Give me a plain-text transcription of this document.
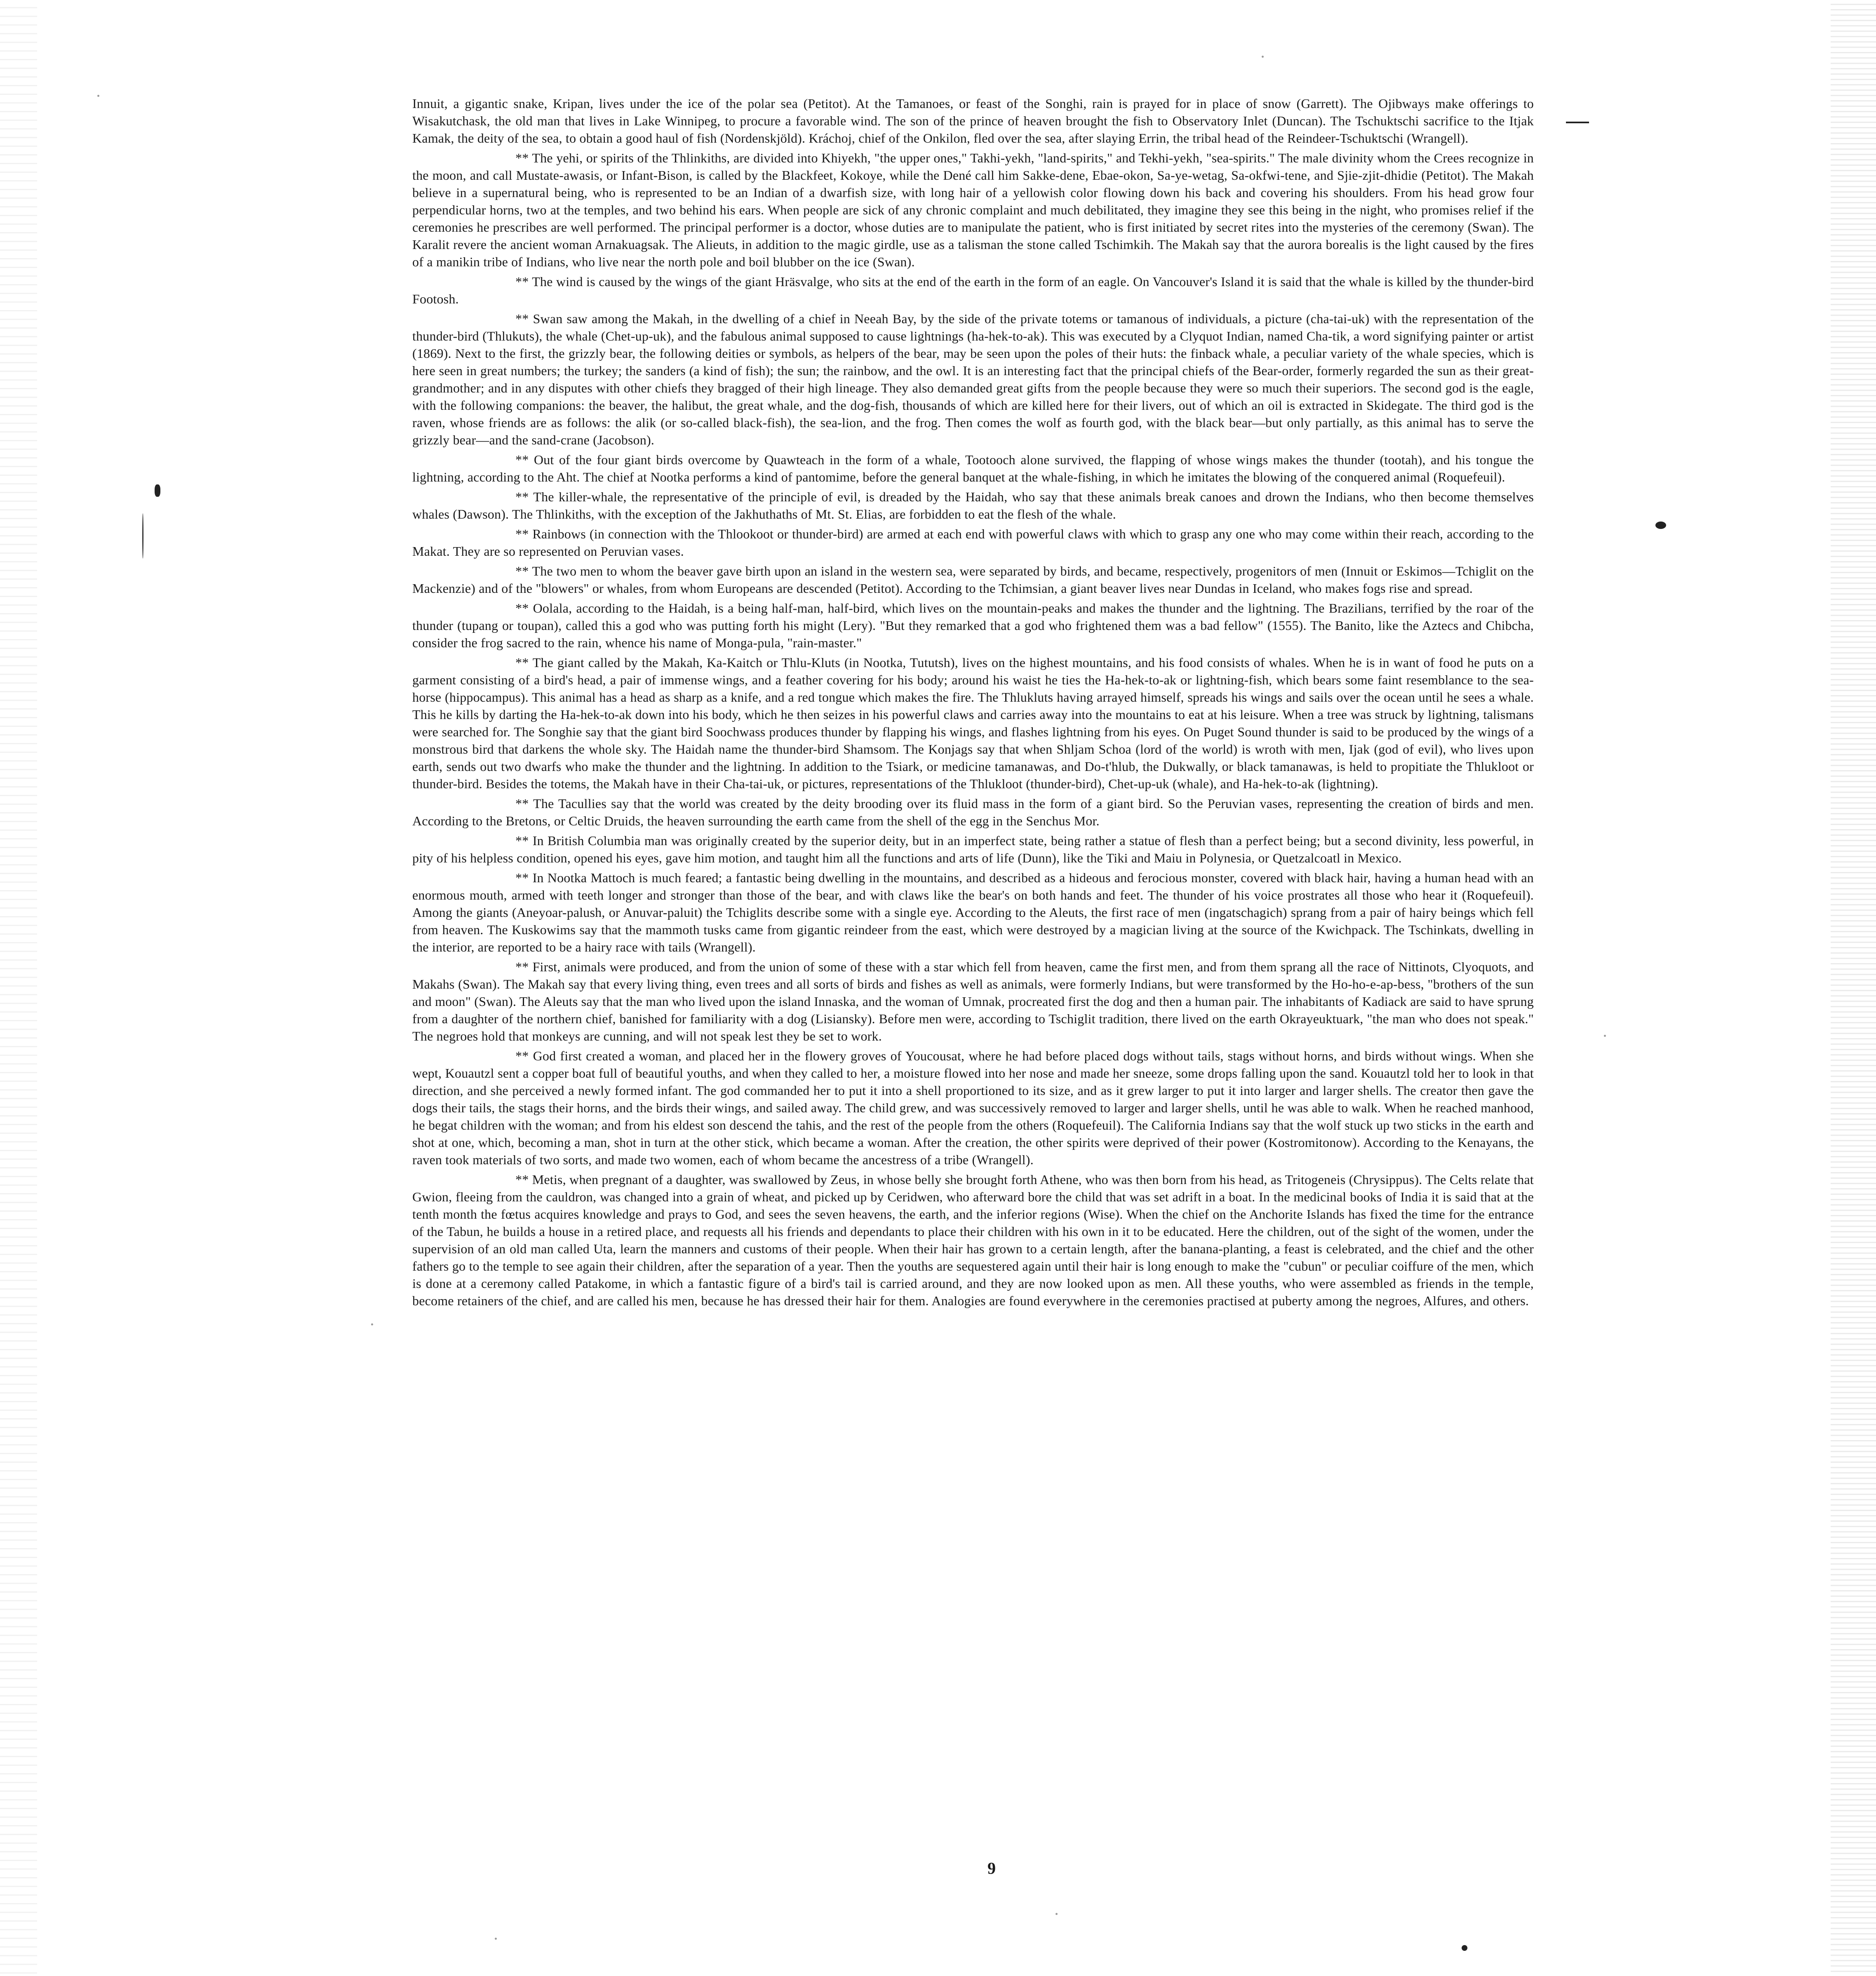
Innuit, a gigantic snake, Kripan, lives under the ice of the polar sea (Petitot). At the Tamanoes, or feast of the Songhi, rain is prayed for in place of snow (Garrett). The Ojibways make offerings to Wisakutchask, the old man that lives in Lake Winnipeg, to procure a favorable wind. The son of the prince of heaven brought the fish to Observatory Inlet (Duncan). The Tschuktschi sacrifice to the Itjak Kamak, the deity of the sea, to obtain a good haul of fish (Nordenskjöld). Kráchoj, chief of the Onkilon, fled over the sea, after slaying Errin, the tribal head of the Reindeer-Tschuktschi (Wrangell).

** The yehi, or spirits of the Thlinkiths, are divided into Khiyekh, "the upper ones," Takhi-yekh, "land-spirits," and Tekhi-yekh, "sea-spirits." The male divinity whom the Crees recognize in the moon, and call Mustate-awasis, or Infant-Bison, is called by the Blackfeet, Kokoye, while the Dené call him Sakke-dene, Ebae-okon, Sa-ye-wetag, Sa-okfwi-tene, and Sjie-zjit-dhidie (Petitot). The Makah believe in a supernatural being, who is represented to be an Indian of a dwarfish size, with long hair of a yellowish color flowing down his back and covering his shoulders. From his head grow four perpendicular horns, two at the temples, and two behind his ears. When people are sick of any chronic complaint and much debilitated, they imagine they see this being in the night, who promises relief if the ceremonies he prescribes are well performed. The principal performer is a doctor, whose duties are to manipulate the patient, who is first initiated by secret rites into the mysteries of the ceremony (Swan). The Karalit revere the ancient woman Arnakuagsak. The Alieuts, in addition to the magic girdle, use as a talisman the stone called Tschimkih. The Makah say that the aurora borealis is the light caused by the fires of a manikin tribe of Indians, who live near the north pole and boil blubber on the ice (Swan).

** The wind is caused by the wings of the giant Hräsvalge, who sits at the end of the earth in the form of an eagle. On Vancouver's Island it is said that the whale is killed by the thunder-bird Footosh.

** Swan saw among the Makah, in the dwelling of a chief in Neeah Bay, by the side of the private totems or tamanous of individuals, a picture (cha-tai-uk) with the representation of the thunder-bird (Thlukuts), the whale (Chet-up-uk), and the fabulous animal supposed to cause lightnings (ha-hek-to-ak). This was executed by a Clyquot Indian, named Cha-tik, a word signifying painter or artist (1869). Next to the first, the grizzly bear, the following deities or symbols, as helpers of the bear, may be seen upon the poles of their huts: the finback whale, a peculiar variety of the whale species, which is here seen in great numbers; the turkey; the sanders (a kind of fish); the sun; the rainbow, and the owl. It is an interesting fact that the principal chiefs of the Bear-order, formerly regarded the sun as their great-grandmother; and in any disputes with other chiefs they bragged of their high lineage. They also demanded great gifts from the people because they were so much their superiors. The second god is the eagle, with the following companions: the beaver, the halibut, the great whale, and the dog-fish, thousands of which are killed here for their livers, out of which an oil is extracted in Skidegate. The third god is the raven, whose friends are as follows: the alik (or so-called black-fish), the sea-lion, and the frog. Then comes the wolf as fourth god, with the black bear—but only partially, as this animal has to serve the grizzly bear—and the sand-crane (Jacobson).

** Out of the four giant birds overcome by Quawteach in the form of a whale, Tootooch alone survived, the flapping of whose wings makes the thunder (tootah), and his tongue the lightning, according to the Aht. The chief at Nootka performs a kind of pantomime, before the general banquet at the whale-fishing, in which he imitates the blowing of the conquered animal (Roquefeuil).

** The killer-whale, the representative of the principle of evil, is dreaded by the Haidah, who say that these animals break canoes and drown the Indians, who then become themselves whales (Dawson). The Thlinkiths, with the exception of the Jakhuthaths of Mt. St. Elias, are forbidden to eat the flesh of the whale.

** Rainbows (in connection with the Thlookoot or thunder-bird) are armed at each end with powerful claws with which to grasp any one who may come within their reach, according to the Makat. They are so represented on Peruvian vases.

** The two men to whom the beaver gave birth upon an island in the western sea, were separated by birds, and became, respectively, progenitors of men (Innuit or Eskimos—Tchiglit on the Mackenzie) and of the "blowers" or whales, from whom Europeans are descended (Petitot). According to the Tchimsian, a giant beaver lives near Dundas in Iceland, who makes fogs rise and spread.

** Oolala, according to the Haidah, is a being half-man, half-bird, which lives on the mountain-peaks and makes the thunder and the lightning. The Brazilians, terrified by the roar of the thunder (tupang or toupan), called this a god who was putting forth his might (Lery). "But they remarked that a god who frightened them was a bad fellow" (1555). The Banito, like the Aztecs and Chibcha, consider the frog sacred to the rain, whence his name of Monga-pula, "rain-master."

** The giant called by the Makah, Ka-Kaitch or Thlu-Kluts (in Nootka, Tututsh), lives on the highest mountains, and his food consists of whales. When he is in want of food he puts on a garment consisting of a bird's head, a pair of immense wings, and a feather covering for his body; around his waist he ties the Ha-hek-to-ak or lightning-fish, which bears some faint resemblance to the sea-horse (hippocampus). This animal has a head as sharp as a knife, and a red tongue which makes the fire. The Thlukluts having arrayed himself, spreads his wings and sails over the ocean until he sees a whale. This he kills by darting the Ha-hek-to-ak down into his body, which he then seizes in his powerful claws and carries away into the mountains to eat at his leisure. When a tree was struck by lightning, talismans were searched for. The Songhie say that the giant bird Soochwass produces thunder by flapping his wings, and flashes lightning from his eyes. On Puget Sound thunder is said to be produced by the wings of a monstrous bird that darkens the whole sky. The Haidah name the thunder-bird Shamsom. The Konjags say that when Shljam Schoa (lord of the world) is wroth with men, Ijak (god of evil), who lives upon earth, sends out two dwarfs who make the thunder and the lightning. In addition to the Tsiark, or medicine tamanawas, and Do-t'hlub, the Dukwally, or black tamanawas, is held to propitiate the Thlukloot or thunder-bird. Besides the totems, the Makah have in their Cha-tai-uk, or pictures, representations of the Thlukloot (thunder-bird), Chet-up-uk (whale), and Ha-hek-to-ak (lightning).

** The Tacullies say that the world was created by the deity brooding over its fluid mass in the form of a giant bird. So the Peruvian vases, representing the creation of birds and men. According to the Bretons, or Celtic Druids, the heaven surrounding the earth came from the shell of the egg in the Senchus Mor.

** In British Columbia man was originally created by the superior deity, but in an imperfect state, being rather a statue of flesh than a perfect being; but a second divinity, less powerful, in pity of his helpless condition, opened his eyes, gave him motion, and taught him all the functions and arts of life (Dunn), like the Tiki and Maiu in Polynesia, or Quetzalcoatl in Mexico.

** In Nootka Mattoch is much feared; a fantastic being dwelling in the mountains, and described as a hideous and ferocious monster, covered with black hair, having a human head with an enormous mouth, armed with teeth longer and stronger than those of the bear, and with claws like the bear's on both hands and feet. The thunder of his voice prostrates all those who hear it (Roquefeuil). Among the giants (Aneyoar-palush, or Anuvar-paluit) the Tchiglits describe some with a single eye. According to the Aleuts, the first race of men (ingatschagich) sprang from a pair of hairy beings which fell from heaven. The Kuskowims say that the mammoth tusks came from gigantic reindeer from the east, which were destroyed by a magician living at the source of the Kwichpack. The Tschinkats, dwelling in the interior, are reported to be a hairy race with tails (Wrangell).

** First, animals were produced, and from the union of some of these with a star which fell from heaven, came the first men, and from them sprang all the race of Nittinots, Clyoquots, and Makahs (Swan). The Makah say that every living thing, even trees and all sorts of birds and fishes as well as animals, were formerly Indians, but were transformed by the Ho-ho-e-ap-bess, "brothers of the sun and moon" (Swan). The Aleuts say that the man who lived upon the island Innaska, and the woman of Umnak, procreated first the dog and then a human pair. The inhabitants of Kadiack are said to have sprung from a daughter of the northern chief, banished for familiarity with a dog (Lisiansky). Before men were, according to Tschiglit tradition, there lived on the earth Okrayeuktuark, "the man who does not speak." The negroes hold that monkeys are cunning, and will not speak lest they be set to work.

** God first created a woman, and placed her in the flowery groves of Youcousat, where he had before placed dogs without tails, stags without horns, and birds without wings. When she wept, Kouautzl sent a copper boat full of beautiful youths, and when they called to her, a moisture flowed into her nose and made her sneeze, some drops falling upon the sand. Kouautzl told her to look in that direction, and she perceived a newly formed infant. The god commanded her to put it into a shell proportioned to its size, and as it grew larger to put it into larger and larger shells. The creator then gave the dogs their tails, the stags their horns, and the birds their wings, and sailed away. The child grew, and was successively removed to larger and larger shells, until he was able to walk. When he reached manhood, he begat children with the woman; and from his eldest son descend the tahis, and the rest of the people from the others (Roquefeuil). The California Indians say that the wolf stuck up two sticks in the earth and shot at one, which, becoming a man, shot in turn at the other stick, which became a woman. After the creation, the other spirits were deprived of their power (Kostromitonow). According to the Kenayans, the raven took materials of two sorts, and made two women, each of whom became the ancestress of a tribe (Wrangell).

** Metis, when pregnant of a daughter, was swallowed by Zeus, in whose belly she brought forth Athene, who was then born from his head, as Tritogeneis (Chrysippus). The Celts relate that Gwion, fleeing from the cauldron, was changed into a grain of wheat, and picked up by Ceridwen, who afterward bore the child that was set adrift in a boat. In the medicinal books of India it is said that at the tenth month the fœtus acquires knowledge and prays to God, and sees the seven heavens, the earth, and the inferior regions (Wise). When the chief on the Anchorite Islands has fixed the time for the entrance of the Tabun, he builds a house in a retired place, and requests all his friends and dependants to place their children with his own in it to be educated. Here the children, out of the sight of the women, under the supervision of an old man called Uta, learn the manners and customs of their people. When their hair has grown to a certain length, after the banana-planting, a feast is celebrated, and the chief and the other fathers go to the temple to see again their children, after the separation of a year. Then the youths are sequestered again until their hair is long enough to make the "cubun" or peculiar coiffure of the men, which is done at a ceremony called Patakome, in which a fantastic figure of a bird's tail is carried around, and they are now looked upon as men. All these youths, who were assembled as friends in the temple, become retainers of the chief, and are called his men, because he has dressed their hair for them. Analogies are found everywhere in the ceremonies practised at puberty among the negroes, Alfures, and others.

9
